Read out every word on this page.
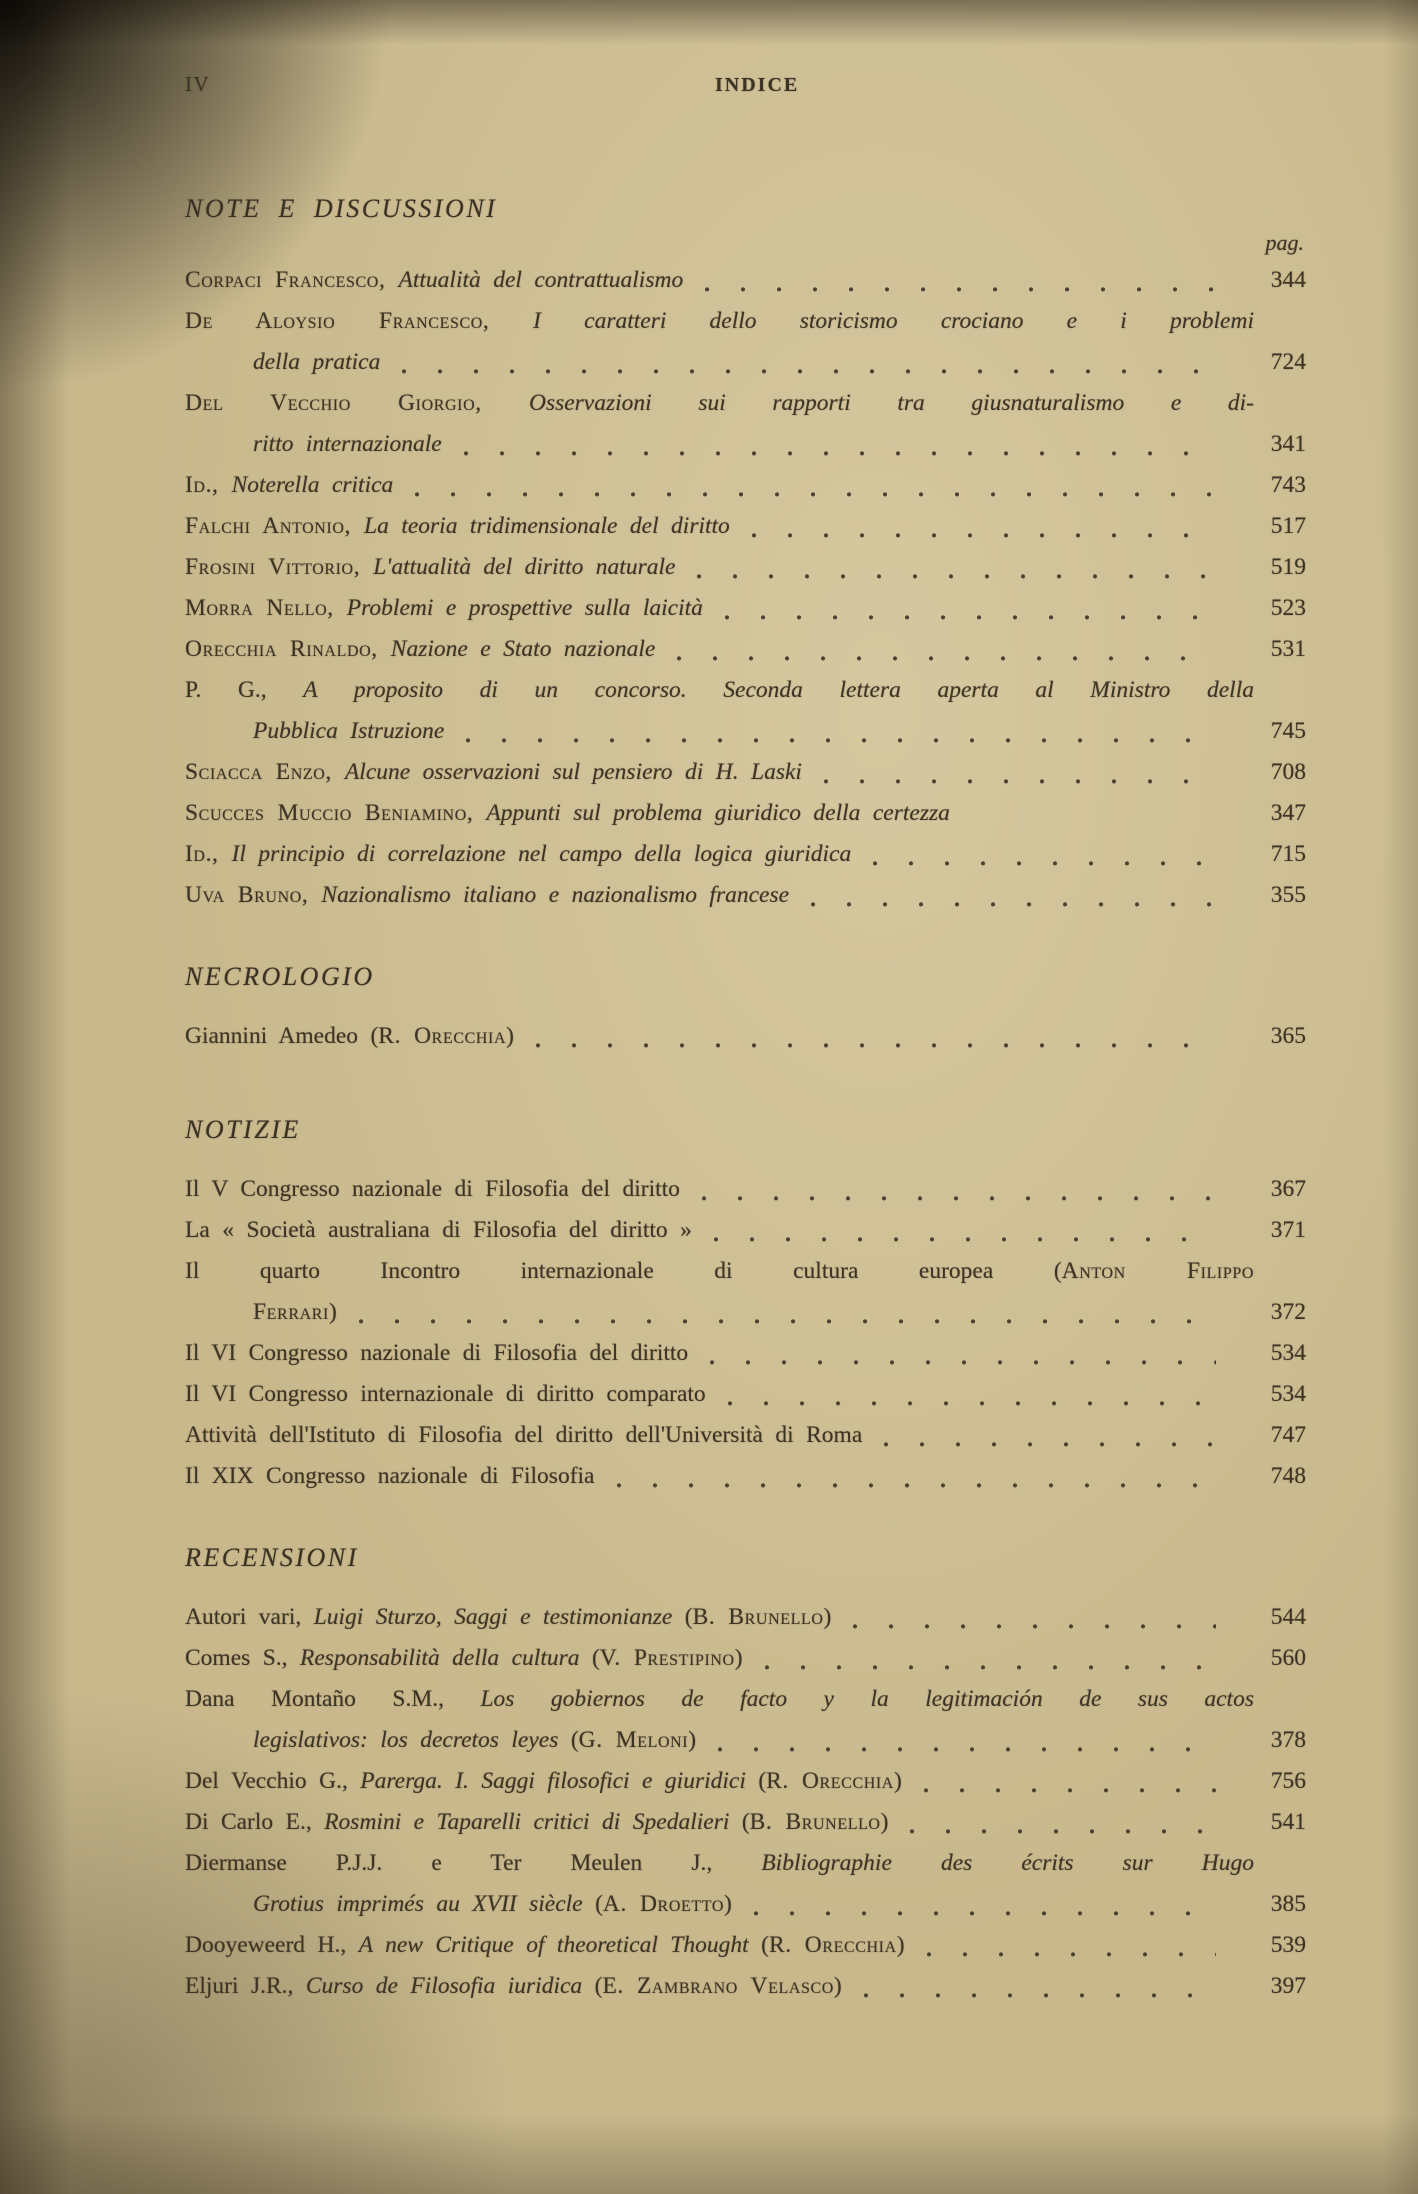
IV	INDICE
NOTE E DISCUSSIONI
pag.
Corpaci Francesco, Attualità del contrattualismo	344
De Aloysio Francesco, I caratteri dello storicismo crociano e i problemi
della pratica	724
Del Vecchio Giorgio, Osservazioni sui rapporti tra giusnaturalismo e di-
ritto internazionale	341
Id., Noterella critica	743
Falchi Antonio, La teoria tridimensionale del diritto	517
Frosini Vittorio, L'attualità del diritto naturale	519
Morra Nello, Problemi e prospettive sulla laicità	523
Orecchia Rinaldo, Nazione e Stato nazionale	531
P. G., A proposito di un concorso. Seconda lettera aperta al Ministro della
Pubblica Istruzione	745
Sciacca Enzo, Alcune osservazioni sul pensiero di H. Laski	708
Scucces Muccio Beniamino, Appunti sul problema giuridico della certezza	347
Id., Il principio di correlazione nel campo della logica giuridica	715
Uva Bruno, Nazionalismo italiano e nazionalismo francese	355
NECROLOGIO
Giannini Amedeo (R. Orecchia)	365
NOTIZIE
Il V Congresso nazionale di Filosofia del diritto	367
La « Società australiana di Filosofia del diritto »	371
Il quarto Incontro internazionale di cultura europea (Anton Filippo
Ferrari)	372
Il VI Congresso nazionale di Filosofia del diritto	534
Il VI Congresso internazionale di diritto comparato	534
Attività dell'Istituto di Filosofia del diritto dell'Università di Roma	747
Il XIX Congresso nazionale di Filosofia	748
RECENSIONI
Autori vari, Luigi Sturzo, Saggi e testimonianze (B. Brunello)	544
Comes S., Responsabilità della cultura (V. Prestipino)	560
Dana Montaño S.M., Los gobiernos de facto y la legitimación de sus actos
legislativos: los decretos leyes (G. Meloni)	378
Del Vecchio G., Parerga. I. Saggi filosofici e giuridici (R. Orecchia)	756
Di Carlo E., Rosmini e Taparelli critici di Spedalieri (B. Brunello)	541
Diermanse P.J.J. e Ter Meulen J., Bibliographie des écrits sur Hugo
Grotius imprimés au XVII siècle (A. Droetto)	385
Dooyeweerd H., A new Critique of theoretical Thought (R. Orecchia)	539
Eljuri J.R., Curso de Filosofia iuridica (E. Zambrano Velasco)	397
